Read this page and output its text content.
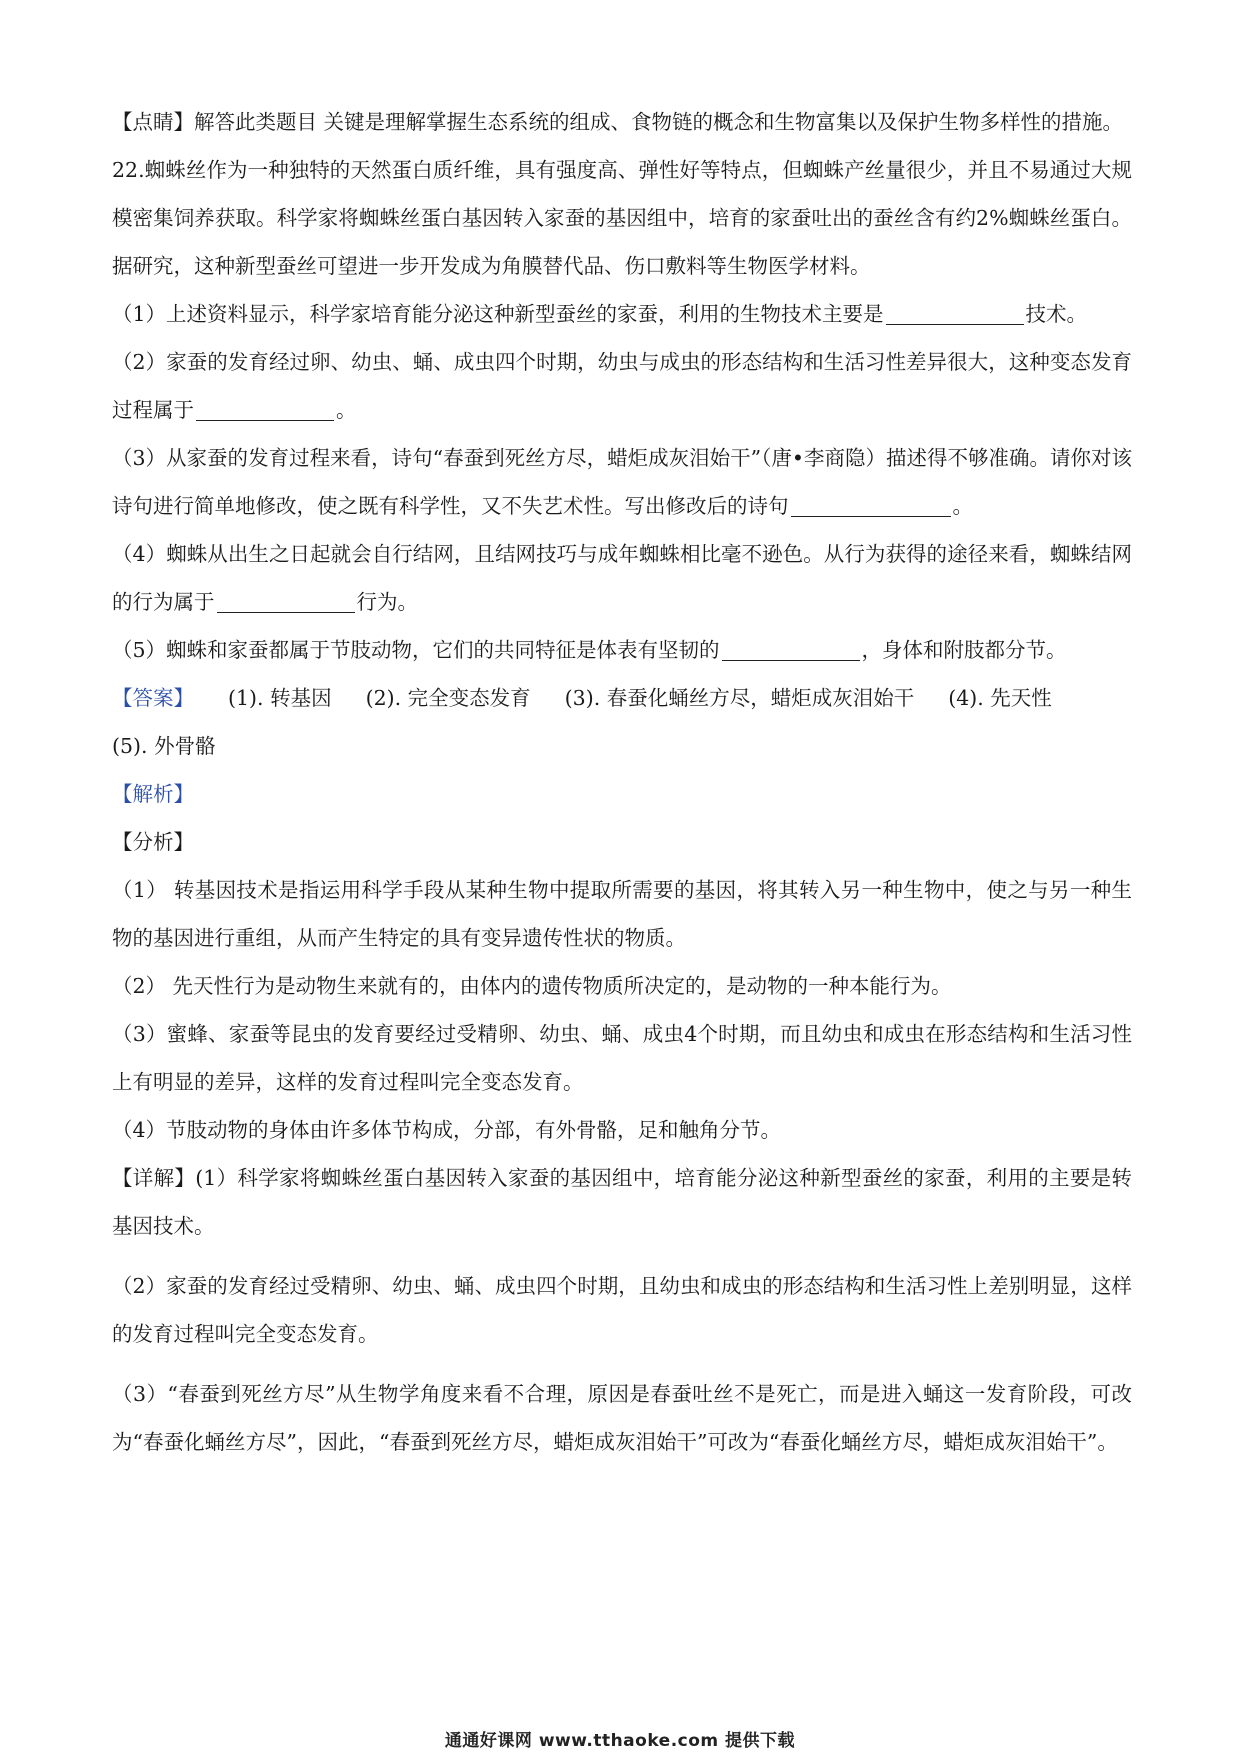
【点睛】解答此类题目 关键是理解掌握生态系统的组成、食物链的概念和生物富集以及保护生物多样性的措施。

22.蜘蛛丝作为一种独特的天然蛋白质纤维，具有强度高、弹性好等特点，但蜘蛛产丝量很少，并且不易通过大规模密集饲养获取。科学家将蜘蛛丝蛋白基因转入家蚕的基因组中，培育的家蚕吐出的蚕丝含有约2%蜘蛛丝蛋白。据研究，这种新型蚕丝可望进一步开发成为角膜替代品、伤口敷料等生物医学材料。

（1）上述资料显示，科学家培育能分泌这种新型蚕丝的家蚕，利用的生物技术主要是	技术。

（2）家蚕的发育经过卵、幼虫、蛹、成虫四个时期，幼虫与成虫的形态结构和生活习性差异很大，这种变态发育过程属于	。

（3）从家蚕的发育过程来看，诗句“春蚕到死丝方尽，蜡炬成灰泪始干”（唐•李商隐）描述得不够准确。请你对该诗句进行简单地修改，使之既有科学性，又不失艺术性。写出修改后的诗句	。

（4）蜘蛛从出生之日起就会自行结网，且结网技巧与成年蜘蛛相比毫不逊色。从行为获得的途径来看，蜘蛛结网的行为属于	行为。

（5）蜘蛛和家蚕都属于节肢动物，它们的共同特征是体表有坚韧的	，身体和附肢都分节。

【答案】 (1). 转基因 (2). 完全变态发育 (3). 春蚕化蛹丝方尽，蜡炬成灰泪始干 (4). 先天性
(5). 外骨骼

【解析】

【分析】

（1） 转基因技术是指运用科学手段从某种生物中提取所需要的基因，将其转入另一种生物中，使之与另一种生物的基因进行重组，从而产生特定的具有变异遗传性状的物质。

（2） 先天性行为是动物生来就有的，由体内的遗传物质所决定的，是动物的一种本能行为。

（3）蜜蜂、家蚕等昆虫的发育要经过受精卵、幼虫、蛹、成虫4个时期，而且幼虫和成虫在形态结构和生活习性上有明显的差异，这样的发育过程叫完全变态发育。

（4）节肢动物的身体由许多体节构成，分部，有外骨骼，足和触角分节。

【详解】(1）科学家将蜘蛛丝蛋白基因转入家蚕的基因组中，培育能分泌这种新型蚕丝的家蚕，利用的主要是转基因技术。

（2）家蚕的发育经过受精卵、幼虫、蛹、成虫四个时期，且幼虫和成虫的形态结构和生活习性上差别明显，这样的发育过程叫完全变态发育。

（3）“春蚕到死丝方尽”从生物学角度来看不合理，原因是春蚕吐丝不是死亡，而是进入蛹这一发育阶段，可改为“春蚕化蛹丝方尽”，因此，“春蚕到死丝方尽，蜡炬成灰泪始干”可改为“春蚕化蛹丝方尽，蜡炬成灰泪始干”。

通通好课网 www.tthaoke.com 提供下载
